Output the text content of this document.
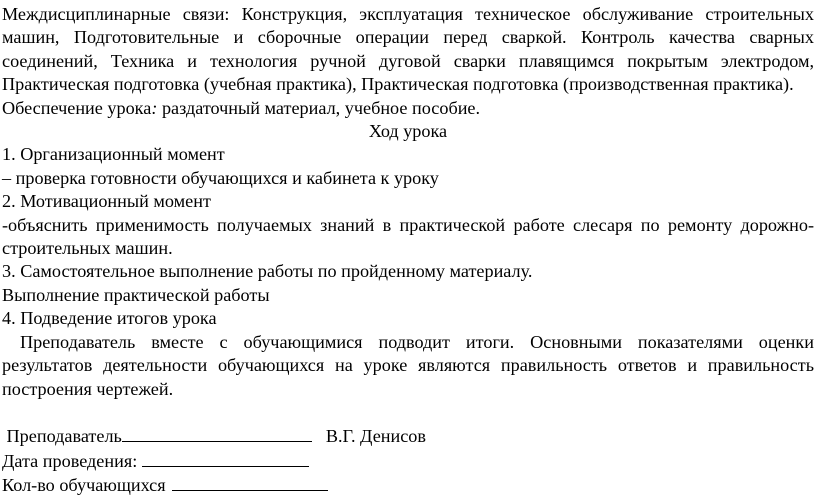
Междисциплинарные связи: Конструкция, эксплуатация техническое обслуживание строительных машин, Подготовительные и сборочные операции перед сваркой. Контроль качества сварных соединений, Техника и технология ручной дуговой сварки плавящимся покрытым электродом, Практическая подготовка (учебная практика), Практическая подготовка (производственная практика).

Обеспечение урока: раздаточный материал, учебное пособие.

Ход урока

1. Организационный момент

– проверка готовности обучающихся и кабинета к уроку

2. Мотивационный момент

-объяснить применимость получаемых знаний в практической работе слесаря по ремонту дорожно-строительных машин.

3. Самостоятельное выполнение работы по пройденному материалу.

Выполнение практической работы

4. Подведение итогов урока

Преподаватель вместе с обучающимися подводит итоги. Основными показателями оценки результатов деятельности обучающихся на уроке являются правильность ответов и правильность построения чертежей.

Преподаватель	В.Г. Денисов

Дата проведения:

Кол-во обучающихся
